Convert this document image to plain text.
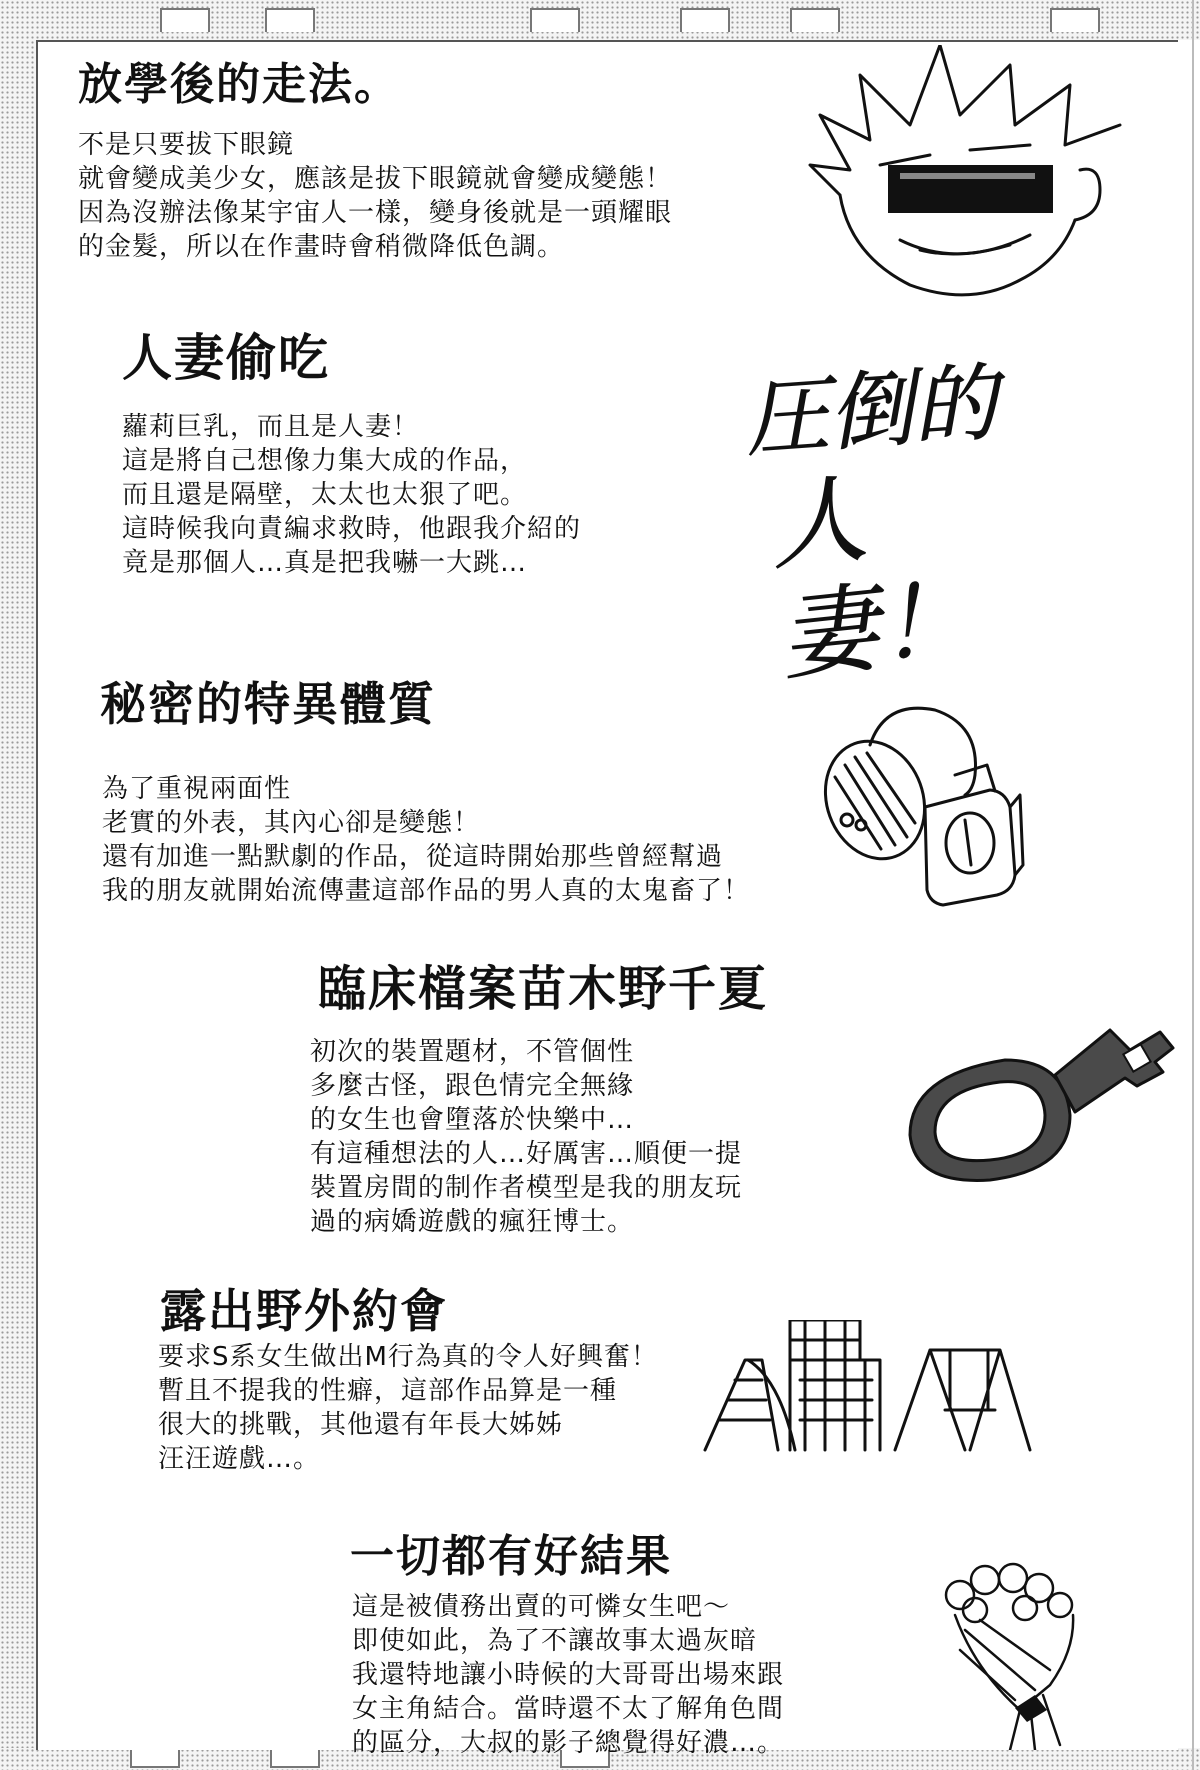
放學後的走法。
不是只要拔下眼鏡
就會變成美少女，應該是拔下眼鏡就會變成變態！
因為沒辦法像某宇宙人一樣，變身後就是一頭耀眼
的金髮，所以在作畫時會稍微降低色調。
人妻偷吃
蘿莉巨乳，而且是人妻！
這是將自己想像力集大成的作品，
而且還是隔壁，太太也太狠了吧。
這時候我向責編求救時，他跟我介紹的
竟是那個人…真是把我嚇一大跳…
圧倒的
人妻！
秘密的特異體質
為了重視兩面性
老實的外表，其內心卻是變態！
還有加進一點默劇的作品，從這時開始那些曾經幫過
我的朋友就開始流傳畫這部作品的男人真的太鬼畜了！
臨床檔案苗木野千夏
初次的裝置題材，不管個性
多麼古怪，跟色情完全無緣
的女生也會墮落於快樂中…
有這種想法的人…好厲害…順便一提
裝置房間的制作者模型是我的朋友玩
過的病嬌遊戲的瘋狂博士。
露出野外約會
要求S系女生做出M行為真的令人好興奮！
暫且不提我的性癖，這部作品算是一種
很大的挑戰，其他還有年長大姊姊
汪汪遊戲…。
一切都有好結果
這是被債務出賣的可憐女生吧～
即使如此，為了不讓故事太過灰暗
我還特地讓小時候的大哥哥出場來跟
女主角結合。當時還不太了解角色間
的區分，大叔的影子總覺得好濃…。
